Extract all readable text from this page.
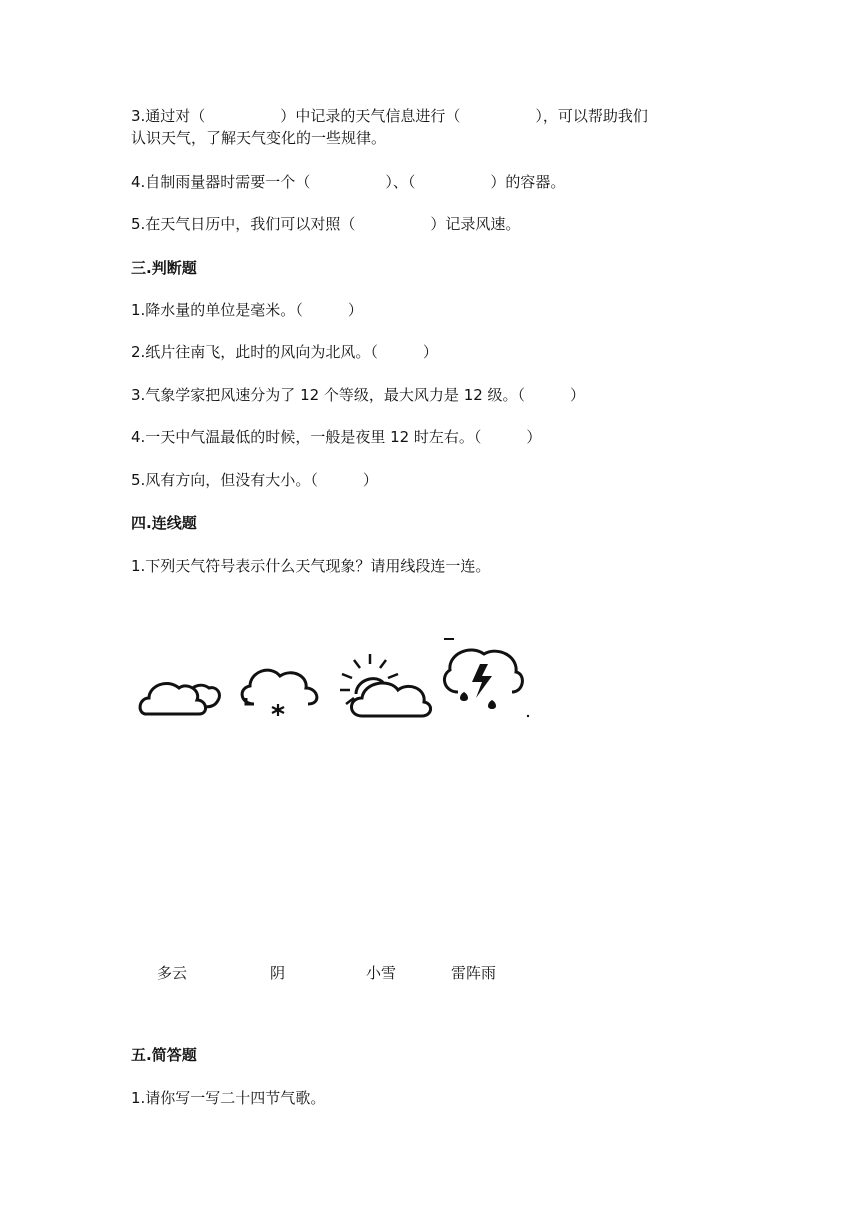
3.通过对（　　　　　）中记录的天气信息进行（　　　　　），可以帮助我们
认识天气，了解天气变化的一些规律。
4.自制雨量器时需要一个（　　　　　）、（　　　　　）的容器。
5.在天气日历中，我们可以对照（　　　　　）记录风速。
三.判断题
1.降水量的单位是毫米。（　　　）
2.纸片往南飞，此时的风向为北风。（　　　）
3.气象学家把风速分为了 12 个等级，最大风力是 12 级。（　　　）
4.一天中气温最低的时候，一般是夜里 12 时左右。（　　　）
5.风有方向，但没有大小。（　　　）
四.连线题
1.下列天气符号表示什么天气现象？请用线段连一连。
多云	阴	小雪	雷阵雨
五.简答题
1.请你写一写二十四节气歌。
